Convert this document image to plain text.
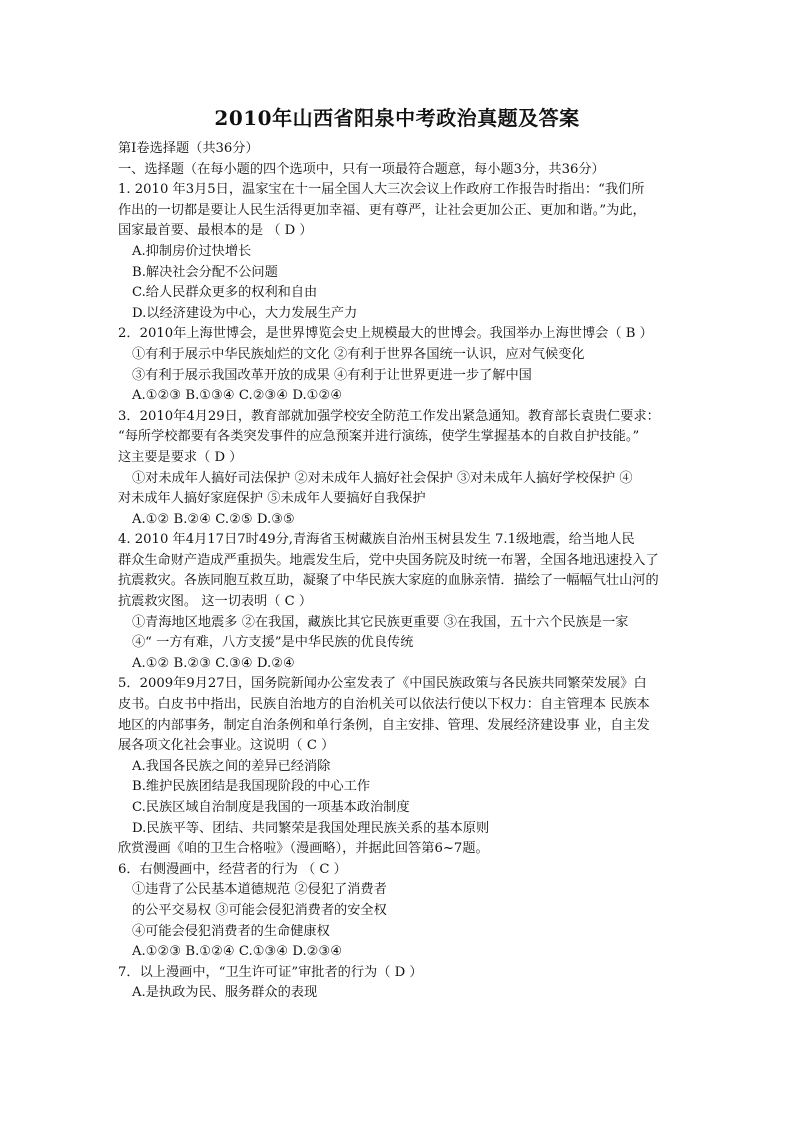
2010年山西省阳泉中考政治真题及答案

第Ⅰ卷选择题（共36分）

一、选择题（在每小题的四个选项中，只有一项最符合题意，每小题3分，共36分）

1. 2010 年3月5日，温家宝在十一届全国人大三次会议上作政府工作报告时指出：“我们所

作出的一切都是要让人民生活得更加幸福、更有尊严，让社会更加公正、更加和谐。”为此，

国家最首要、最根本的是 （ D ）

A.抑制房价过快增长

B.解决社会分配不公问题

C.给人民群众更多的权利和自由

D.以经济建设为中心，大力发展生产力

2．2010年上海世博会，是世界博览会史上规模最大的世博会。我国举办上海世博会（ B ）

①有利于展示中华民族灿烂的文化 ②有利于世界各国统一认识，应对气候变化

③有利于展示我国改革开放的成果 ④有利于让世界更进一步了解中国

A.①②③ B.①③④ C.②③④ D.①②④

3．2010年4月29日，教育部就加强学校安全防范工作发出紧急通知。教育部长袁贵仁要求：

“每所学校都要有各类突发事件的应急预案并进行演练，使学生掌握基本的自救自护技能。”

这主要是要求（ D ）

①对未成年人搞好司法保护 ②对未成年人搞好社会保护 ③对未成年人搞好学校保护 ④

对未成年人搞好家庭保护 ⑤未成年人要搞好自我保护

A.①② B.②④ C.②⑤ D.③⑤

4. 2010 年4月17日7时49分,青海省玉树藏族自治州玉树县发生 7.1级地震，给当地人民

群众生命财产造成严重损失。地震发生后，党中央国务院及时统一布署，全国各地迅速投入了

抗震救灾。各族同胞互救互助，凝聚了中华民族大家庭的血脉亲情．描绘了一幅幅气壮山河的

抗震救灾图。 这一切表明（ C ）

①青海地区地震多 ②在我国，藏族比其它民族更重要 ③在我国，五十六个民族是一家

④“ 一方有难，八方支援”是中华民族的优良传统

A.①② B.②③ C.③④ D.②④

5．2009年9月27日，国务院新闻办公室发表了《中国民族政策与各民族共同繁荣发展》白

皮书。白皮书中指出，民族自治地方的自治机关可以依法行使以下权力：自主管理本 民族本

地区的内部事务，制定自治条例和单行条例，自主安排、管理、发展经济建设事 业，自主发

展各项文化社会事业。这说明（ C ）

A.我国各民族之间的差异已经消除

B.维护民族团结是我国现阶段的中心工作

C.民族区域自治制度是我国的一项基本政治制度

D.民族平等、团结、共同繁荣是我国处理民族关系的基本原则

欣赏漫画《咱的卫生合格啦》（漫画略），并据此回答第6~7题。

6．右侧漫画中，经营者的行为 （ C ）

①违背了公民基本道德规范 ②侵犯了消费者

的公平交易权 ③可能会侵犯消费者的安全权

④可能会侵犯消费者的生命健康权

A.①②③ B.①②④ C.①③④ D.②③④

7．以上漫画中，“卫生许可证”审批者的行为（ D ）

A.是执政为民、服务群众的表现
